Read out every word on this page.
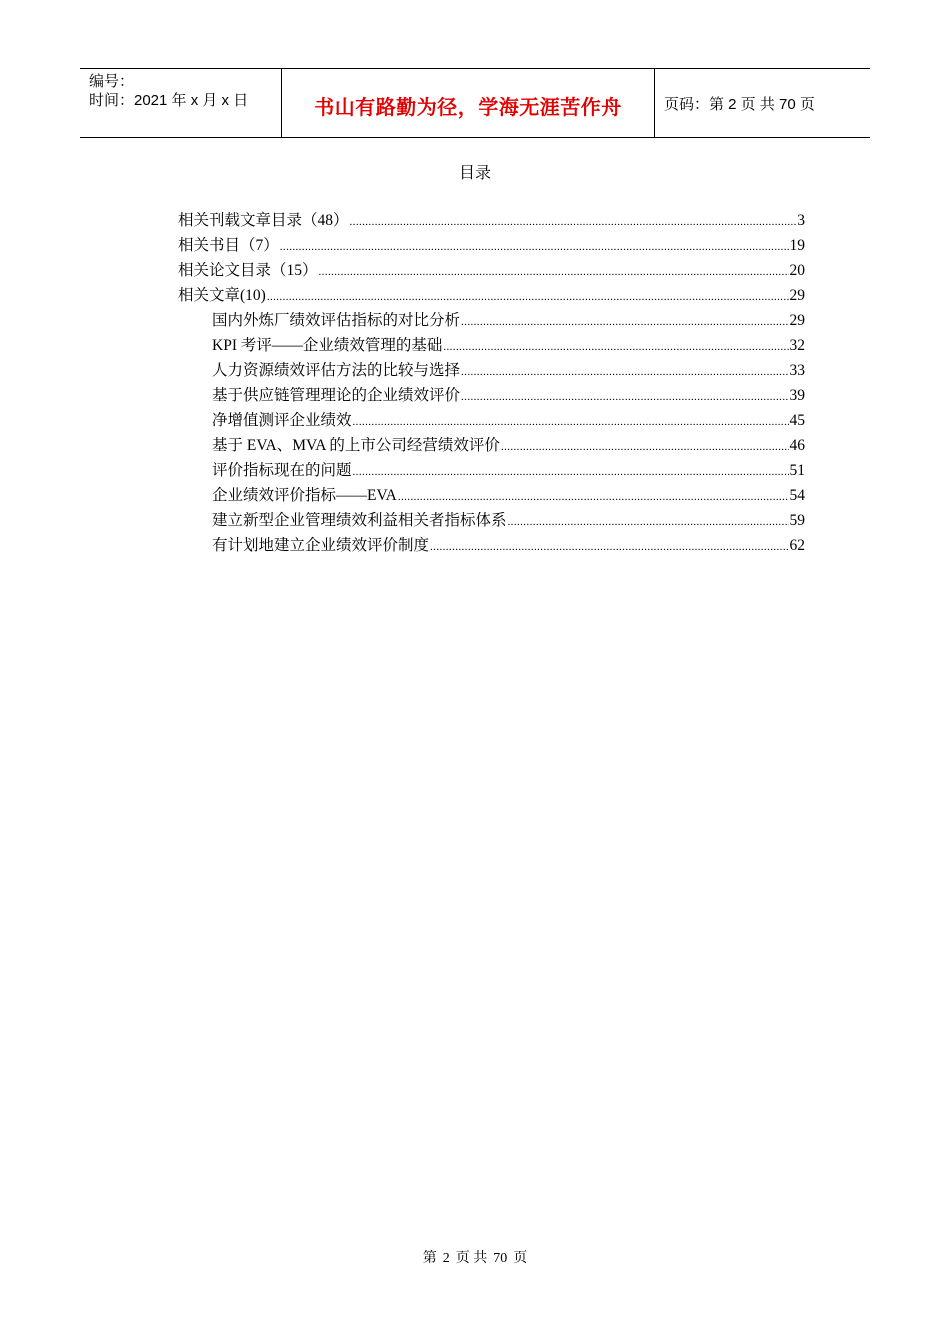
编号：
时间：2021 年 x 月 x 日	书山有路勤为径，学海无涯苦作舟	页码：第 2 页 共 70 页
目录
相关刊载文章目录（48） .....	3
相关书目（7） .....	19
相关论文目录（15） .....	20
相关文章(10) .....	29
国内外炼厂绩效评估指标的对比分析 .....	29
KPI 考评——企业绩效管理的基础 .....	32
人力资源绩效评估方法的比较与选择 .....	33
基于供应链管理理论的企业绩效评价 .....	39
净增值测评企业绩效 .....	45
基于 EVA、MVA 的上市公司经营绩效评价 .....	46
评价指标现在的问题 .....	51
企业绩效评价指标——EVA .....	54
建立新型企业管理绩效利益相关者指标体系 .....	59
有计划地建立企业绩效评价制度 .....	62
第 2 页 共 70 页
